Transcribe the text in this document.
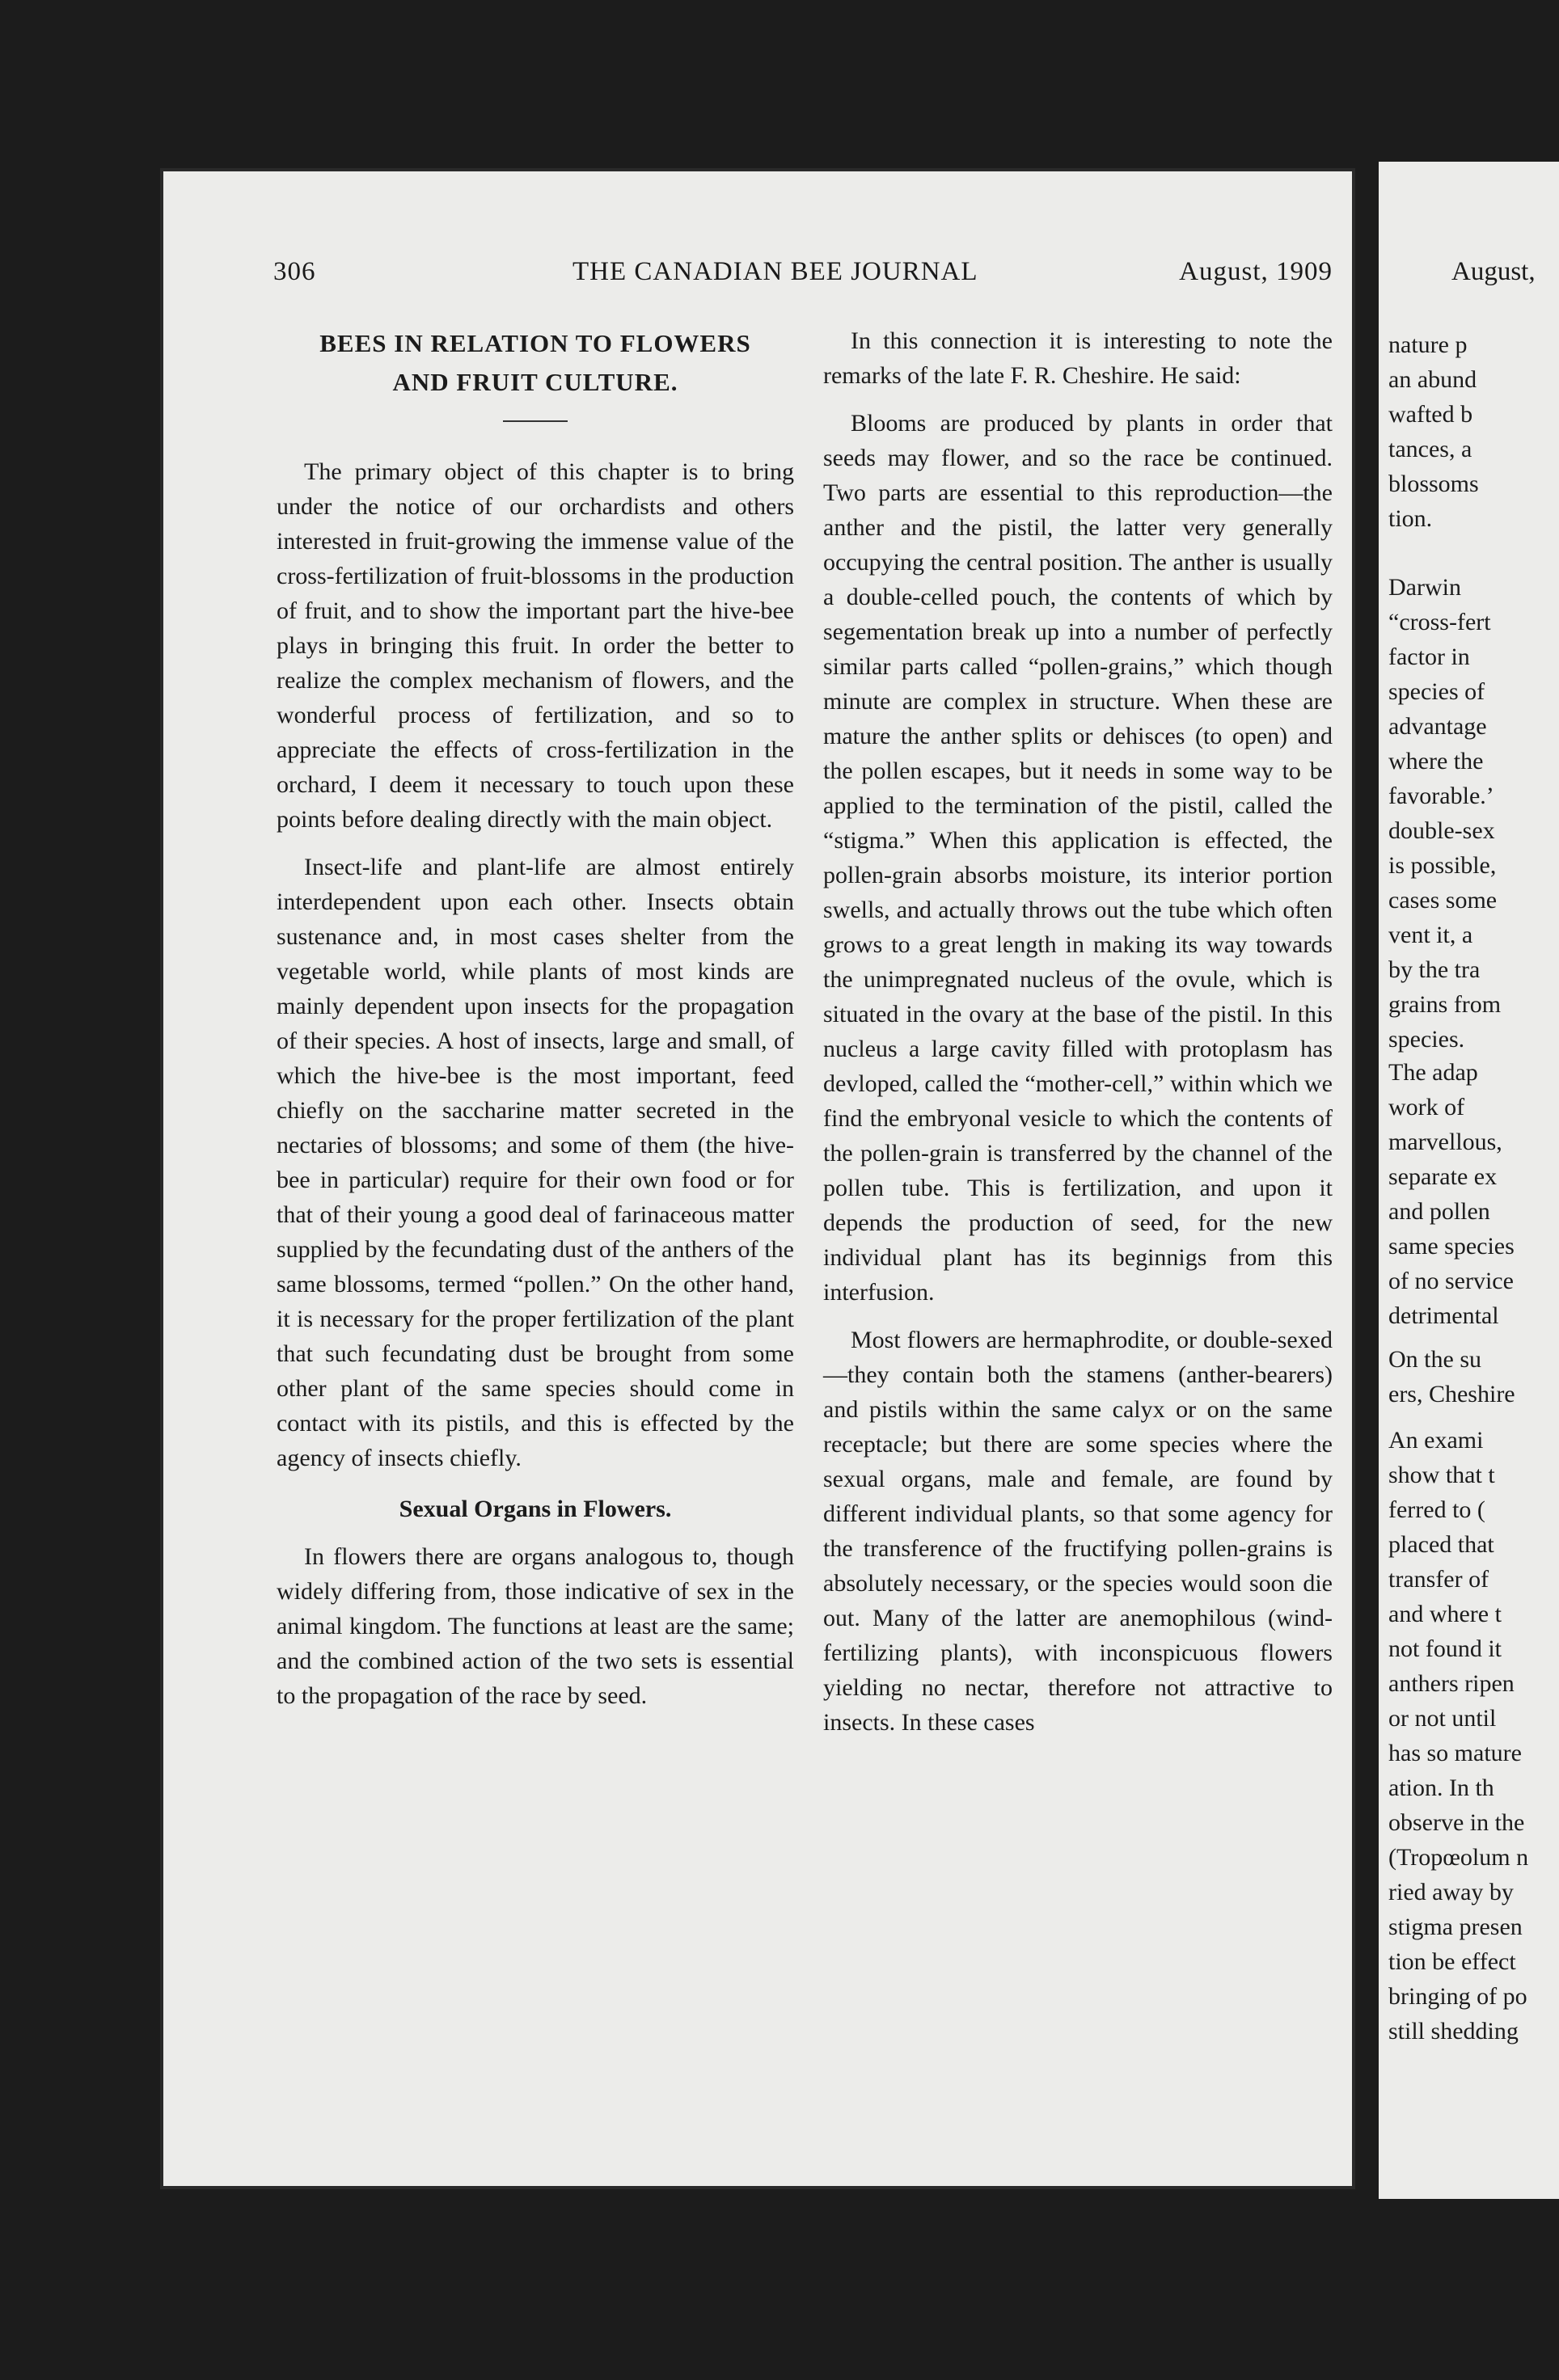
306	THE CANADIAN BEE JOURNAL	August, 1909

BEES IN RELATION TO FLOWERS

AND FRUIT CULTURE.

The primary object of this chapter is to bring under the notice of our orchardists and others interested in fruit-growing the immense value of the cross-fertilization of fruit-blossoms in the production of fruit, and to show the important part the hive-bee plays in bringing this fruit. In order the better to realize the complex mechanism of flowers, and the wonderful process of fertilization, and so to appreciate the effects of cross-fertilization in the orchard, I deem it necessary to touch upon these points before dealing directly with the main object.

Insect-life and plant-life are almost entirely interdependent upon each other. Insects obtain sustenance and, in most cases shelter from the vegetable world, while plants of most kinds are mainly dependent upon insects for the propagation of their species. A host of insects, large and small, of which the hive-bee is the most important, feed chiefly on the saccharine matter secreted in the nectaries of blossoms; and some of them (the hive-bee in particular) require for their own food or for that of their young a good deal of farinaceous matter supplied by the fecundating dust of the anthers of the same blossoms, termed “pollen.” On the other hand, it is necessary for the proper fertilization of the plant that such fecundating dust be brought from some other plant of the same species should come in contact with its pistils, and this is effected by the agency of insects chiefly.

Sexual Organs in Flowers.

In flowers there are organs analogous to, though widely differing from, those indicative of sex in the animal kingdom. The functions at least are the same; and the combined action of the two sets is essential to the propagation of the race by seed.

In this connection it is interesting to note the remarks of the late F. R. Cheshire. He said:

Blooms are produced by plants in order that seeds may flower, and so the race be continued. Two parts are essential to this reproduction—the anther and the pistil, the latter very generally occupying the central position. The anther is usually a double-celled pouch, the contents of which by segementation break up into a number of perfectly similar parts called “pollen-grains,” which though minute are complex in structure. When these are mature the anther splits or dehisces (to open) and the pollen escapes, but it needs in some way to be applied to the termination of the pistil, called the “stigma.” When this application is effected, the pollen-grain absorbs moisture, its interior portion swells, and actually throws out the tube which often grows to a great length in making its way towards the unimpregnated nucleus of the ovule, which is situated in the ovary at the base of the pistil. In this nucleus a large cavity filled with protoplasm has devloped, called the “mother-cell,” within which we find the embryonal vesicle to which the contents of the pollen-grain is transferred by the channel of the pollen tube. This is fertilization, and upon it depends the production of seed, for the new individual plant has its beginnigs from this interfusion.

Most flowers are hermaphrodite, or double-sexed—they contain both the stamens (anther-bearers) and pistils within the same calyx or on the same receptacle; but there are some species where the sexual organs, male and female, are found by different individual plants, so that some agency for the transference of the fructifying pollen-grains is absolutely necessary, or the species would soon die out. Many of the latter are anemophilous (wind-fertilizing plants), with inconspicuous flowers yielding no nectar, therefore not attractive to insects. In these cases

August,
nature p
an abund
wafted b
tances, a
blossoms
tion.
Darwin
“cross-fert
factor in
species of
advantage
where the
favorable.’
double-sex
is possible,
cases some
vent it, a
by the tra
grains from
species.
The adap
work of
marvellous,
separate ex
and pollen
same species
of no service
detrimental
On the su
ers, Cheshire
An exami
show that t
ferred to (
placed that
transfer of
and where t
not found it
anthers ripen
or not until
has so mature
ation. In th
observe in the
(Tropœolum n
ried away by
stigma presen
tion be effect
bringing of po
still shedding
